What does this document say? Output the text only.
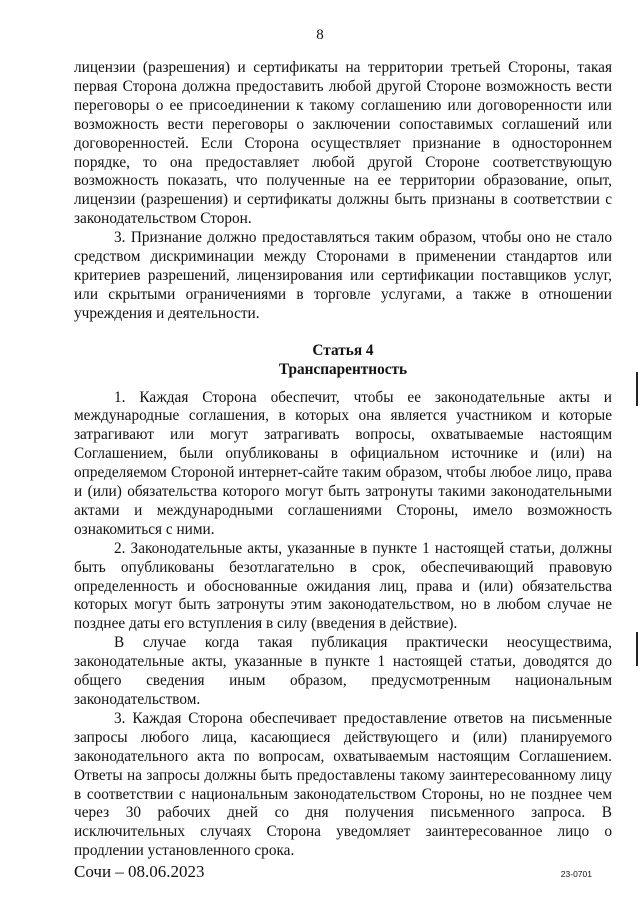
8

лицензии (разрешения) и сертификаты на территории третьей Стороны, такая первая Сторона должна предоставить любой другой Стороне возможность вести переговоры о ее присоединении к такому соглашению или договоренности или возможность вести переговоры о заключении сопоставимых соглашений или договоренностей. Если Сторона осуществляет признание в одностороннем порядке, то она предоставляет любой другой Стороне соответствующую возможность показать, что полученные на ее территории образование, опыт, лицензии (разрешения) и сертификаты должны быть признаны в соответствии с законодательством Сторон.

3. Признание должно предоставляться таким образом, чтобы оно не стало средством дискриминации между Сторонами в применении стандартов или критериев разрешений, лицензирования или сертификации поставщиков услуг, или скрытыми ограничениями в торговле услугами, а также в отношении учреждения и деятельности.

Статья 4
Транспарентность

1. Каждая Сторона обеспечит, чтобы ее законодательные акты и международные соглашения, в которых она является участником и которые затрагивают или могут затрагивать вопросы, охватываемые настоящим Соглашением, были опубликованы в официальном источнике и (или) на определяемом Стороной интернет-сайте таким образом, чтобы любое лицо, права и (или) обязательства которого могут быть затронуты такими законодательными актами и международными соглашениями Стороны, имело возможность ознакомиться с ними.

2. Законодательные акты, указанные в пункте 1 настоящей статьи, должны быть опубликованы безотлагательно в срок, обеспечивающий правовую определенность и обоснованные ожидания лиц, права и (или) обязательства которых могут быть затронуты этим законодательством, но в любом случае не позднее даты его вступления в силу (введения в действие).

В случае когда такая публикация практически неосуществима, законодательные акты, указанные в пункте 1 настоящей статьи, доводятся до общего сведения иным образом, предусмотренным национальным законодательством.

3. Каждая Сторона обеспечивает предоставление ответов на письменные запросы любого лица, касающиеся действующего и (или) планируемого законодательного акта по вопросам, охватываемым настоящим Соглашением. Ответы на запросы должны быть предоставлены такому заинтересованному лицу в соответствии с национальным законодательством Стороны, но не позднее чем через 30 рабочих дней со дня получения письменного запроса. В исключительных случаях Сторона уведомляет заинтересованное лицо о продлении установленного срока.

Сочи – 08.06.2023	23-0701
